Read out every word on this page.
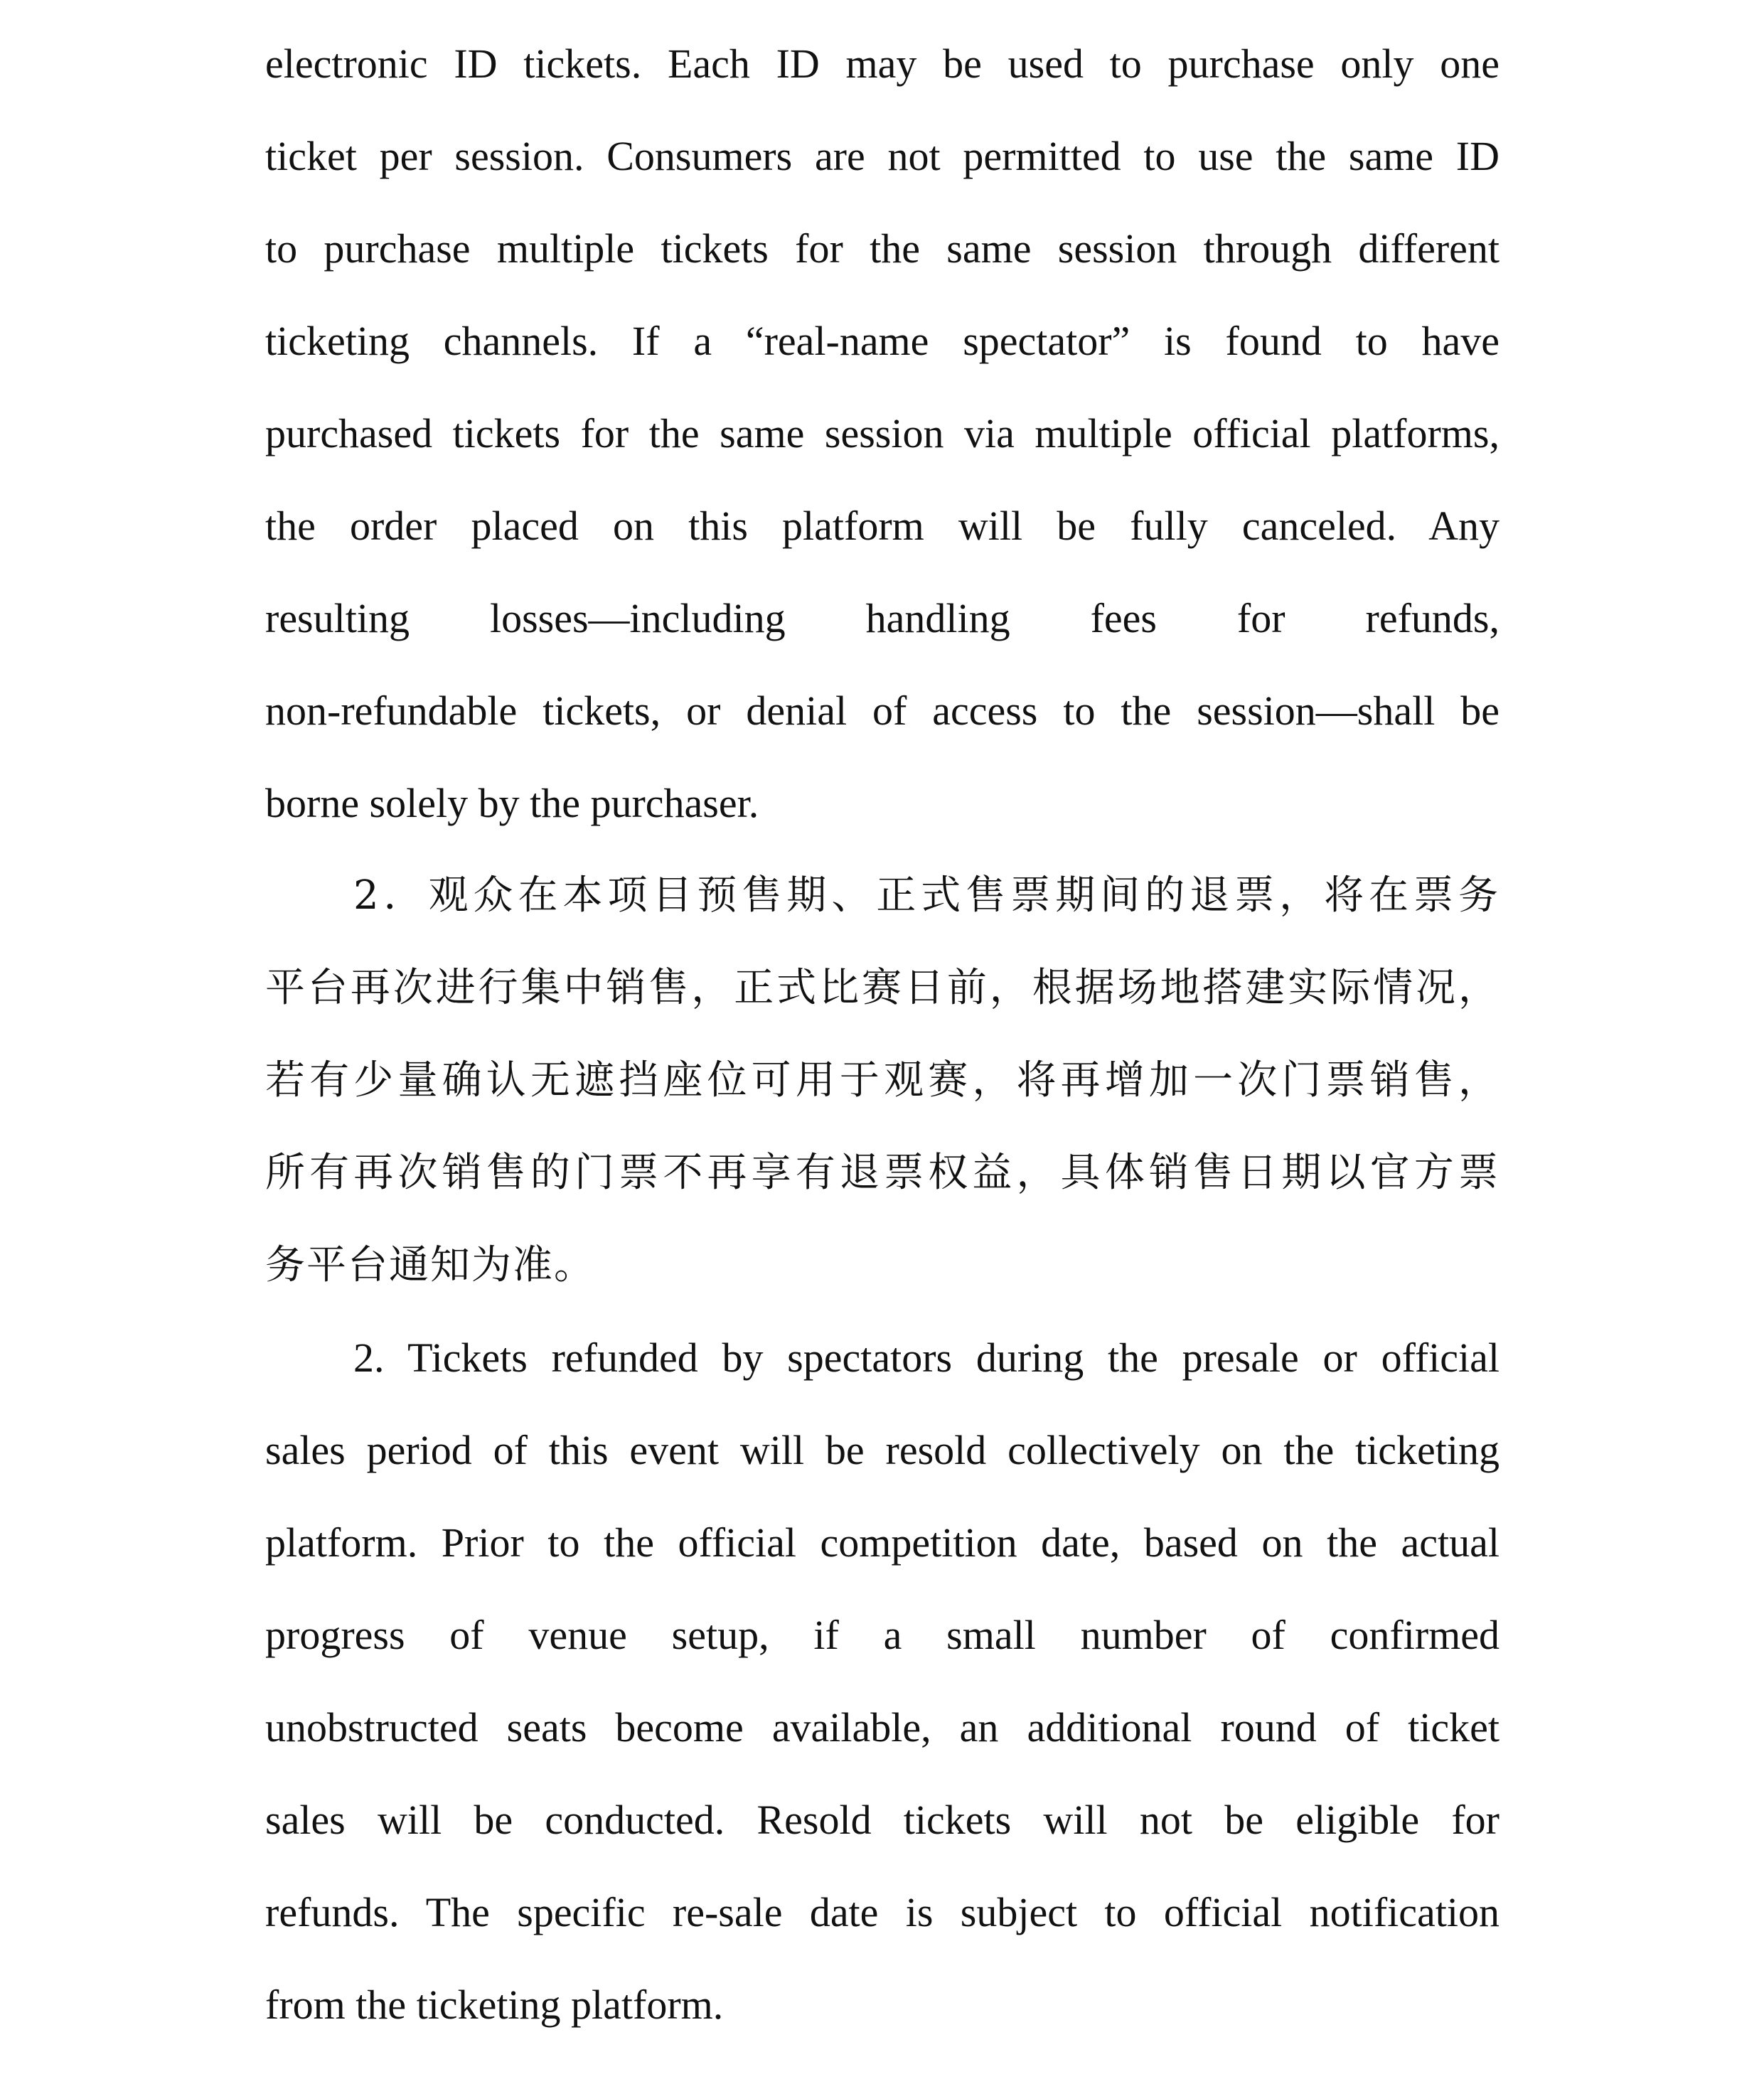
electronic ID tickets. Each ID may be used to purchase only one
ticket per session. Consumers are not permitted to use the same ID
to purchase multiple tickets for the same session through different
ticketing channels. If a “real-name spectator” is found to have
purchased tickets for the same session via multiple official platforms,
the order placed on this platform will be fully canceled. Any
resulting losses—including handling fees for refunds,
non-refundable tickets, or denial of access to the session—shall be
borne solely by the purchaser.
2．观众在本项目预售期、正式售票期间的退票，将在票务
平台再次进行集中销售，正式比赛日前，根据场地搭建实际情况，
若有少量确认无遮挡座位可用于观赛，将再增加一次门票销售，
所有再次销售的门票不再享有退票权益，具体销售日期以官方票
务平台通知为准。
2. Tickets refunded by spectators during the presale or official
sales period of this event will be resold collectively on the ticketing
platform. Prior to the official competition date, based on the actual
progress of venue setup, if a small number of confirmed
unobstructed seats become available, an additional round of ticket
sales will be conducted. Resold tickets will not be eligible for
refunds. The specific re-sale date is subject to official notification
from the ticketing platform.
